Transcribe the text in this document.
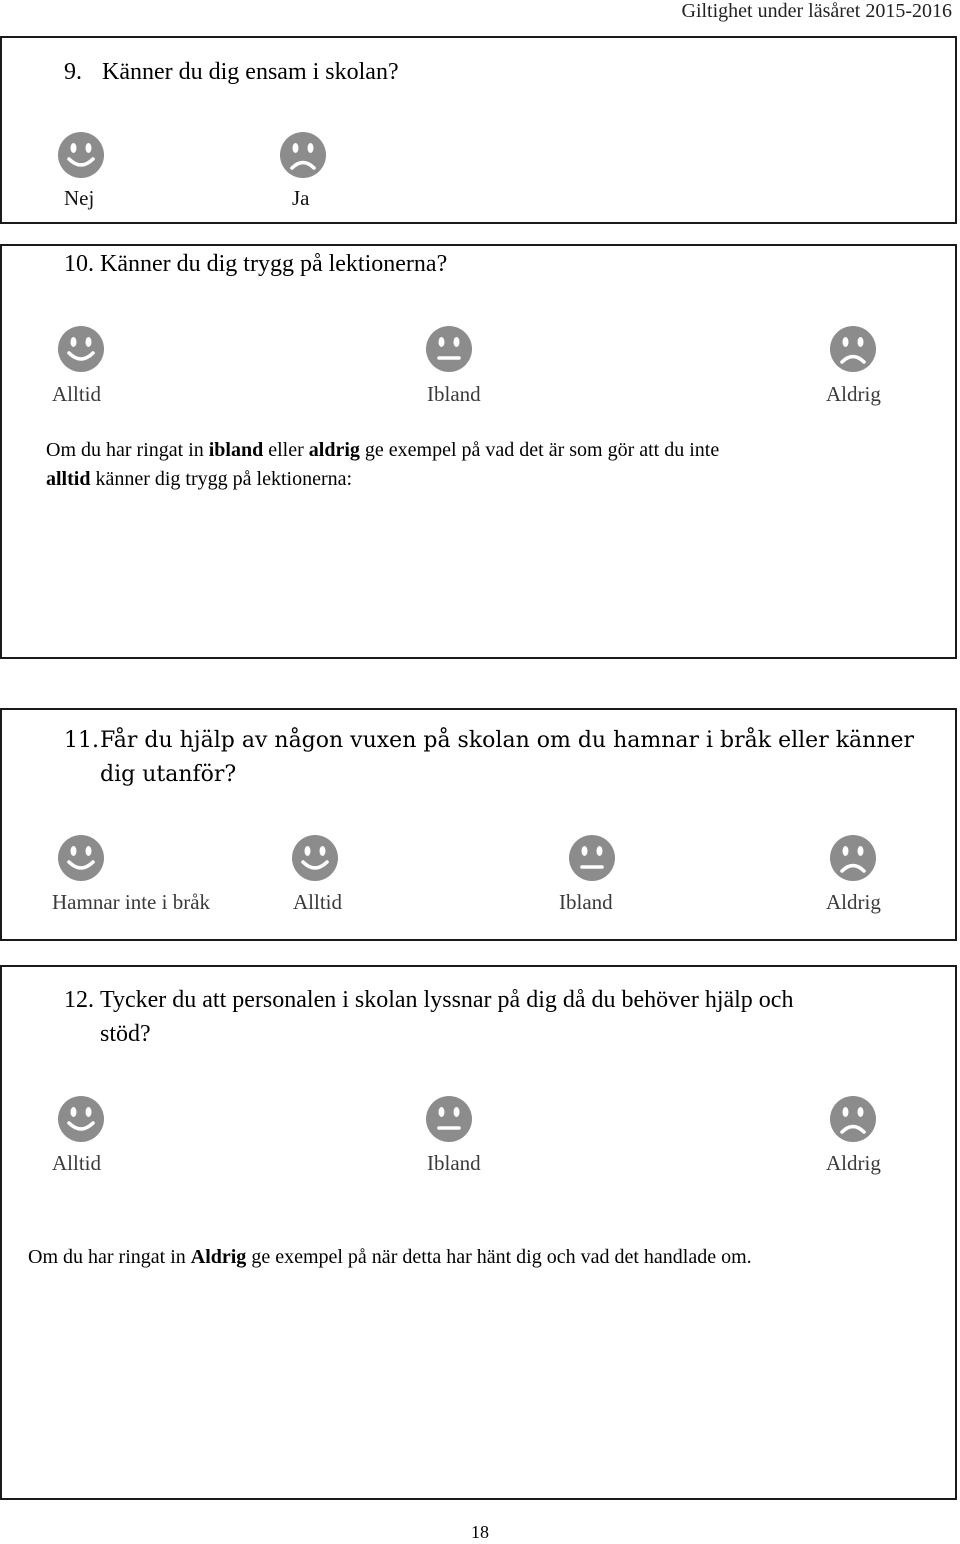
Giltighet under läsåret 2015-2016
9. Känner du dig ensam i skolan?
Nej	Ja
10. Känner du dig trygg på lektionerna?
Alltid	Ibland	Aldrig
Om du har ringat in ibland eller aldrig ge exempel på vad det är som gör att du inte
alltid känner dig trygg på lektionerna:
11. Får du hjälp av någon vuxen på skolan om du hamnar i bråk eller känner
dig utanför?
Hamnar inte i bråk	Alltid	Ibland	Aldrig
12. Tycker du att personalen i skolan lyssnar på dig då du behöver hjälp och
stöd?
Alltid	Ibland	Aldrig
Om du har ringat in Aldrig ge exempel på när detta har hänt dig och vad det handlade om.
18
